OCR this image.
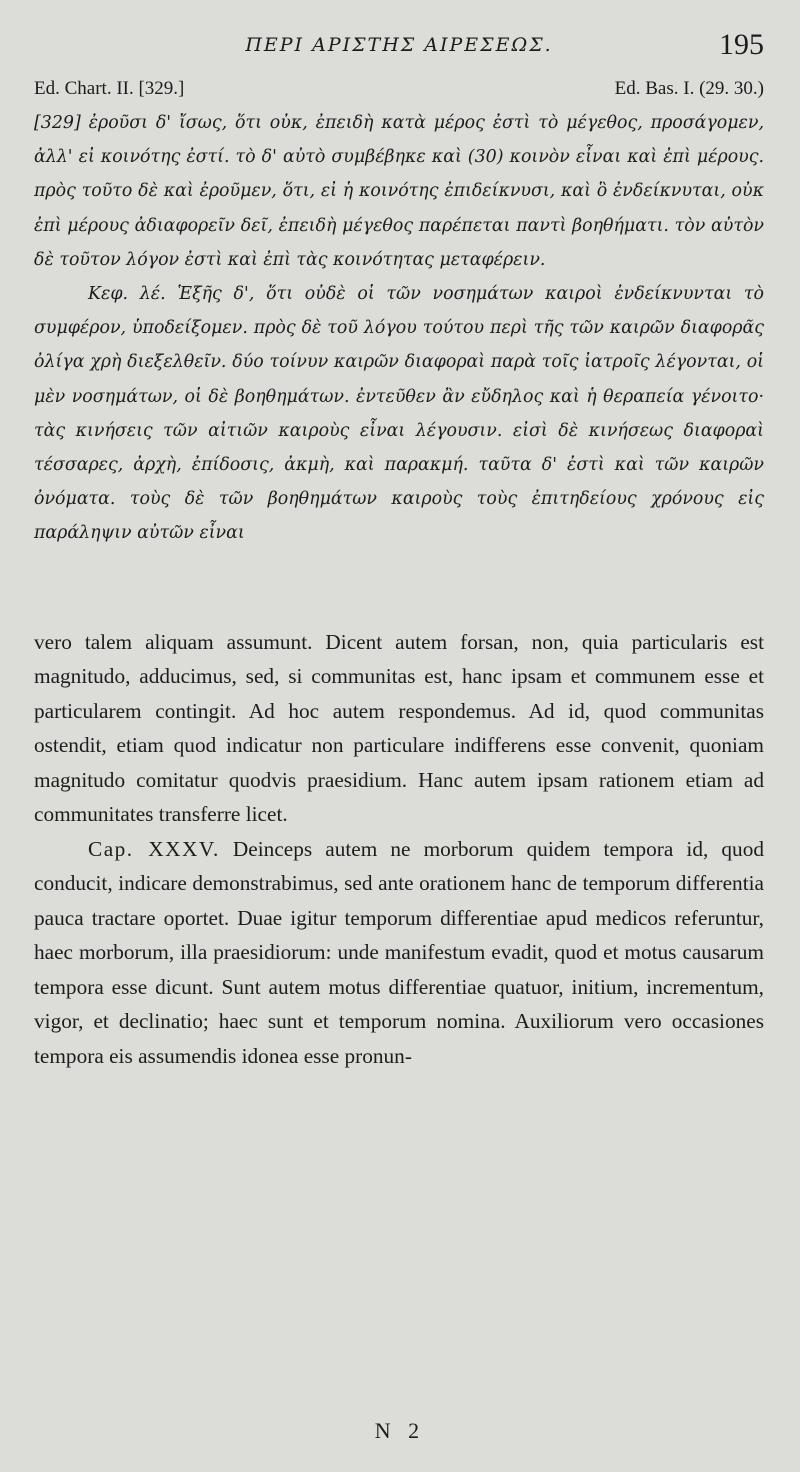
ΠΕΡΙ ΑΡΙΣΤΗΣ ΑΙΡΕΣΕΩΣ.	195
Ed. Chart. II. [329.]	Ed. Bas. I. (29. 30.)

[329] ἐροῦσι δ' ἴσως, ὅτι οὐκ, ἐπειδὴ κατὰ μέρος ἐστὶ τὸ μέγεθος, προσάγομεν, ἀλλ' εἰ κοινότης ἐστί. τὸ δ' αὐτὸ συμβέβηκε καὶ (30) κοινὸν εἶναι καὶ ἐπὶ μέρους. πρὸς τοῦτο δὲ καὶ ἐροῦμεν, ὅτι, εἰ ἡ κοινότης ἐπιδείκνυσι, καὶ ὃ ἐνδείκνυται, οὐκ ἐπὶ μέρους ἀδιαφορεῖν δεῖ, ἐπειδὴ μέγεθος παρέπεται παντὶ βοηθήματι. τὸν αὐτὸν δὲ τοῦτον λόγον ἐστὶ καὶ ἐπὶ τὰς κοινότητας μεταφέρειν.

Κεφ. λέ. Ἑξῆς δ', ὅτι οὐδὲ οἱ τῶν νοσημάτων καιροὶ ἐνδείκνυνται τὸ συμφέρον, ὑποδείξομεν. πρὸς δὲ τοῦ λόγου τούτου περὶ τῆς τῶν καιρῶν διαφορᾶς ὀλίγα χρὴ διεξελθεῖν. δύο τοίνυν καιρῶν διαφοραὶ παρὰ τοῖς ἰατροῖς λέγονται, οἱ μὲν νοσημάτων, οἱ δὲ βοηθημάτων. ἐντεῦθεν ἂν εὔδηλος καὶ ἡ θεραπεία γένοιτο· τὰς κινήσεις τῶν αἰτιῶν καιροὺς εἶναι λέγουσιν. εἰσὶ δὲ κινήσεως διαφοραὶ τέσσαρες, ἀρχὴ, ἐπίδοσις, ἀκμὴ, καὶ παρακμή. ταῦτα δ' ἐστὶ καὶ τῶν καιρῶν ὀνόματα. τοὺς δὲ τῶν βοηθημάτων καιροὺς τοὺς ἐπιτηδείους χρόνους εἰς παράληψιν αὐτῶν εἶναι

vero talem aliquam assumunt. Dicent autem forsan, non, quia particularis est magnitudo, adducimus, sed, si communitas est, hanc ipsam et communem esse et particularem contingit. Ad hoc autem respondemus. Ad id, quod communitas ostendit, etiam quod indicatur non particulare indifferens esse convenit, quoniam magnitudo comitatur quodvis praesidium. Hanc autem ipsam rationem etiam ad communitates transferre licet.

Cap. XXXV. Deinceps autem ne morborum quidem tempora id, quod conducit, indicare demonstrabimus, sed ante orationem hanc de temporum differentia pauca tractare oportet. Duae igitur temporum differentiae apud medicos referuntur, haec morborum, illa praesidiorum: unde manifestum evadit, quod et motus causarum tempora esse dicunt. Sunt autem motus differentiae quatuor, initium, incrementum, vigor, et declinatio; haec sunt et temporum nomina. Auxiliorum vero occasiones tempora eis assumendis idonea esse pronun-

N 2
